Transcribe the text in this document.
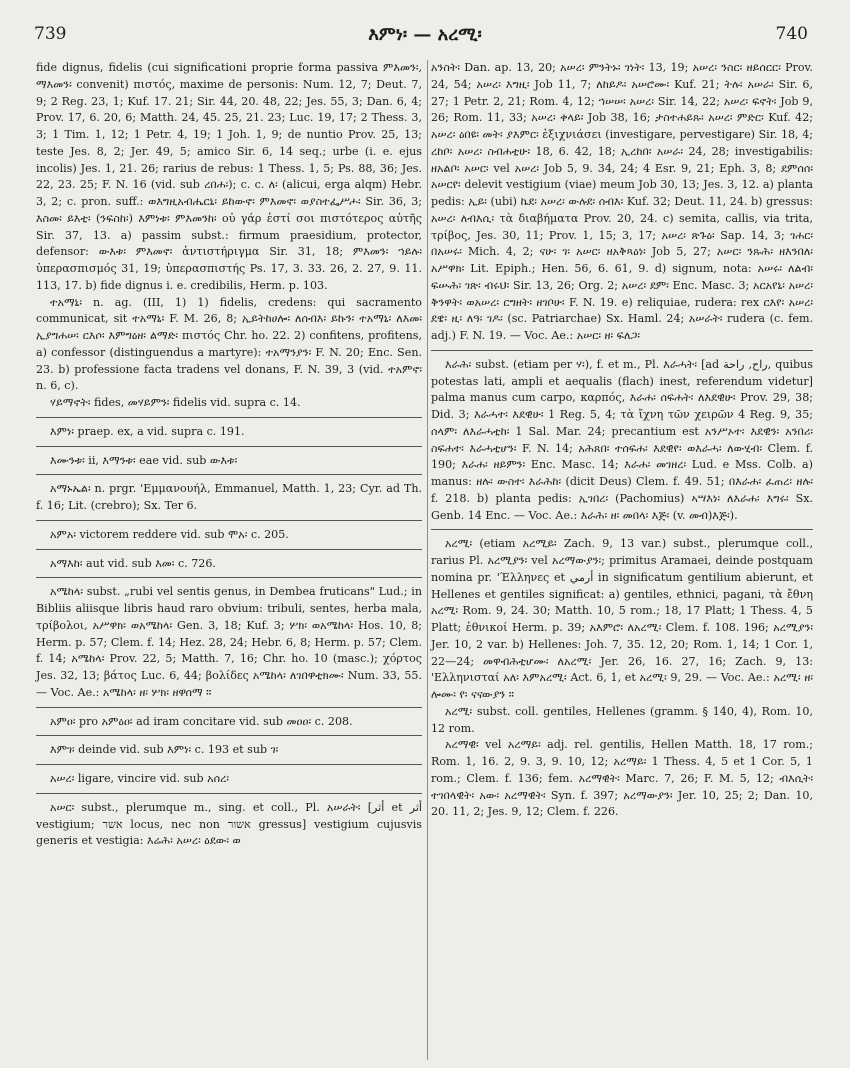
739	እምነ፡ — አረሚ፡	740

fide dignus, fidelis (cui significationi proprie forma passiva ምእመን፡, ማእመን፡ convenit) πιστός, maxime de personis: Num. 12, 7; Deut. 7, 9; 2 Reg. 23, 1; Kuf. 17. 21; Sir. 44, 20. 48, 22; Jes. 55, 3; Dan. 6, 4; Prov. 17, 6. 20, 6; Matth. 24, 45. 25, 21. 23; Luc. 19, 17; 2 Thess. 3, 3; 1 Tim. 1, 12; 1 Petr. 4, 19; 1 Joh. 1, 9; de nuntio Prov. 25, 13; teste Jes. 8, 2; Jer. 49, 5; amico Sir. 6, 14 seq.; urbe (i. e. ejus incolis) Jes. 1, 21. 26; rarius de rebus: 1 Thess. 1, 5; Ps. 88, 36; Jes. 22, 23. 25; F. N. 16 (vid. sub ረበሐ፡); c. c. ለ፡ (alicui, erga alqm) Hebr. 3, 2; c. pron. suff.: ወእግዚአብሔርኒ፡ ይከውኖ፡ ምእመኖ፡ ወያስተፌሥሖ፡ Sir. 36, 3; እስመ፡ ይእቲ፡ (ንፍስከ፡) እምነቱ፡ ምእመንከ፡ οὐ γάρ ἐστί σοι πιστότερος αὐτῆς Sir. 37, 13. a) passim subst.: firmum praesidium, protector, defensor: ውእቱ፡ ምእመኖ፡ ἀντιστήριγμα Sir. 31, 18; ምእመን፡ ኀይሉ፡ ὑπερασπισμός 31, 19; ὑπερασπιστής Ps. 17, 3. 33. 26, 2. 27, 9. 11. 113, 17. b) fide dignus i. e. credibilis, Herm. p. 103.

ተአማኒ፡ n. ag. (III, 1) 1) fidelis, credens: qui sacramento communicat, sit ተአማኒ፡ F. M. 26, 8; ኢይትከሀሎ፡ ለሰብእ፡ ይኩን፡ ተአማኒ፡ ለእመ፡ ኢያግሐሠ፡ ርእሶ፡ እምግዕዘ፡ ልማድ፡ πιστός Chr. ho. 22. 2) confitens, profitens, a) confessor (distinguendus a martyre): ተአማንያን፡ F. N. 20; Enc. Sen. 23. b) professione facta tradens vel donans, F. N. 39, 3 (vid. ተአምኖ፡ n. 6, c).

ሃይማኖት፡ fides, መሃይምን፡ fidelis vid. supra c. 14.

እምነ፡ praep. ex, a vid. supra c. 191.

እሙንቱ፡ ii, እማንቱ፡ eae vid. sub ውእቱ፡

አማኑኤል፡ n. prgr. 'Εμμανουήλ, Emmanuel, Matth. 1, 23; Cyr. ad Th. f. 16; Lit. (crebro); Sx. Ter 6.

አምአ፡ victorem reddere vid. sub ሞአ፡ c. 205.

አማእከ፡ aut vid. sub እመ፡ c. 726.

አሜከላ፡ subst. „rubi vel sentis genus, in Dembea fruticans" Lud.; in Bibliis aliisque libris haud raro obvium: tribuli, sentes, herba mala, τρίβολοι, አሥዋክ፡ ወአሜከላ፡ Gen. 3, 18; Kuf. 3; ሦክ፡ ወአሜከላ፡ Hos. 10, 8; Herm. p. 57; Clem. f. 14; Hez. 28, 24; Hebr. 6, 8; Herm. p. 57; Clem. f. 14; አሜከላ፡ Prov. 22, 5; Matth. 7, 16; Chr. ho. 10 (masc.); χόρτος Jes. 32, 13; βάτος Luc. 6, 44; βολίδες አሜከላ፡ ለገበዋቲክሙ፡ Num. 33, 55. — Voc. Ae.: አሜከላ፡ ዘ፡ ሦክ፡ ዘዋሰማ ።

አምዐ፡ pro አምዕዐ፡ ad iram concitare vid. sub መዐዐ፡ c. 208.

እምገ፡ deinde vid. sub እምነ፡ c. 193 et sub ገ፡

አሠረ፡ ligare, vincire vid. sub አሰረ፡

አሠር፡ subst., plerumque m., sing. et coll., Pl. አሠራት፡ [أثر et أثر vestigium; אשר locus, nec non אשור gressus] vestigium cujusvis generis et vestigia: እሬሕ፡ አሠረ፡ ዕደው፡ ወ

አንስት፡ Dan. ap. 13, 20; አሠረ፡ ምንትኑ፡ ገነት፡ 13, 19; አሠረ፡ ንስር፡ ዘይሰርር፡ Prov. 24, 54; አሠረ፡ እግዚ፡ Job 11, 7; ለከይዶ፡ አሠሮሙ፡ Kuf. 21; ትሉ፡ አሠራ፡ Sir. 6, 27; 1 Petr. 2, 21; Rom. 4, 12; ኀሠሠ፡ አሠረ፡ Sir. 14, 22; አሠረ፡ ፍኖት፡ Job 9, 26; Rom. 11, 33; አሠረ፡ ቀላይ፡ Job 38, 16; ታስተሐይጹ፡ አሠረ፡ ምድር፡ Kuf. 42; አሠረ፡ ዕበዩ፡ መት፡ ያእምር፡ ἐξιχνιάσει (investigare, pervestigare) Sir. 18, 4; ረከቦ፡ አሠረ፡ ስብሐቲሁ፡ 18, 6. 42, 18; ኢረከበ፡ አሠራ፡ 24, 28; investigabilis: ዘአልቦ፡ አሠር፡ vel አሠረ፡ Job 5, 9. 34, 24; 4 Esr. 9, 21; Eph. 3, 8; ደምሰሰ፡ አሠርየ፡ delevit vestigium (viae) meum Job 30, 13; Jes. 3, 12. a) planta pedis: ኢይ፡ (ubi) ኬደ፡ አሠረ፡ ውሉደ፡ ሰብእ፡ Kuf. 32; Deut. 11, 24. b) gressus: አሠረ፡ ለብእሲ፡ τὰ διαβήματα Prov. 20, 24. c) semita, callis, via trita, τρίβος, Jes. 30, 11; Prov. 1, 15; 3, 17; አሠረ፡ ጽጉዕ፡ Sap. 14, 3; ገሐር፡ በአሠሩ፡ Mich. 4, 2; ናሁ፡ ገ፡ አሠር፡ ዘአቅጻዕነ፡ Job 5, 27; አሠር፡ ንጹሕ፡ ዘእንበለ፡ አሥዋክ፡ Lit. Epiph.; Hen. 56, 6. 61, 9. d) signum, nota: አሠሩ፡ ለልብ፡ ፍሡሕ፡ ገጽ፡ ብሩህ፡ Sir. 13, 26; Org. 2; አሠረ፡ ደም፡ Enc. Masc. 3; አርአየኒ፡ አሠረ፡ ቅንዋት፡ ወአሠረ፡ ርግዘት፡ ዘገቦሁ፡ F. N. 19. e) reliquiae, rudera: rex ርእየ፡ አሠረ፡ ደዌ፡ ዚ፡ ለዓ፡ ገዶ፡ (sc. Patriarchae) Sx. Haml. 24; አሠራት፡ rudera (c. fem. adj.) F. N. 19. — Voc. Ae.: አሠር፡ ዘ፡ ፍለጋ፡

እራሕ፡ subst. (etiam per ሃ፡), f. et m., Pl. እራሓት፡ [ad راح, راحة, quibus potestas lati, ampli et aequalis (flach) inest, referendum videtur] palma manus cum carpo, καρπός, እራሐ፡ ሰፍሐት፡ ለእደዊሁ፡ Prov. 29, 38; Did. 3; እራሓተ፡ እደዊሁ፡ 1 Reg. 5, 4; τὰ ἴχνη τῶν χειρῶν 4 Reg. 9, 35; ሰላም፡ ለእራሓቲከ፡ 1 Sal. Mar. 24; precantium est አንሥኦተ፡ እደዊን፡ አንበሪ፡ ስፍሐተ፡ እራሓቲሆን፡ F. N. 14; አሕጸበ፡ ተሰፍሐ፡ እደዊየ፡ ወእራሓ፡ ለውሂብ፡ Clem. f. 190; እራሐ፡ ዘይምን፡ Enc. Masc. 14; እራሐ፡ መገዘረ፡ Lud. e Mss. Colb. a) manus: ዘሉ፡ ውስተ፡ እራሕከ፡ (dicit Deus) Clem. f. 49. 51; በእራሐ፡ ፈጠረ፡ ዘሉ፡ f. 218. b) planta pedis: ኢገበረ፡ (Pachomius) ኣሣእነ፡ ለእራሐ፡ እግሩ፡ Sx. Genb. 14 Enc. — Voc. Ae.: እራሕ፡ ዘ፡ መበላ፡ እጅ፡ (v. መብ)እጅ፡).

አረሚ፡ (etiam አረሚይ፡ Zach. 9, 13 var.) subst., plerumque coll., rarius Pl. አረሚያን፡ vel አረማውያን፡; primitus Aramaei, deinde postquam nomina pr. 'Έλληνες et أرمي in significatum gentilium abierunt, et Hellenes et gentiles significat: a) gentiles, ethnici, pagani, τὰ ἔθνη አረሚ፡ Rom. 9, 24. 30; Matth. 10, 5 rom.; 18, 17 Platt; 1 Thess. 4, 5 Platt; ἐθνικοί Herm. p. 39; አእምሮ፡ ለአረሚ፡ Clem. f. 108. 196; አረሚያን፡ Jer. 10, 2 var. b) Hellenes: Joh. 7, 35. 12, 20; Rom. 1, 14; 1 Cor. 1, 22—24; መዋብሕቲሆሙ፡ ለአረሚ፡ Jer. 26, 16. 27, 16; Zach. 9, 13: 'Ελληνισταί አለ፡ እምአረሚ፡ Act. 6, 1, et አረሚ፡ 9, 29. — Voc. Ae.: አረሚ፡ ዘ፡ ሎሙ፡ የ፡ ናናውያን ።

አረሚ፡ subst. coll. gentiles, Hellenes (gramm. § 140, 4), Rom. 10, 12 rom.

አረማዊ፡ vel አረማይ፡ adj. rel. gentilis, Hellen Matth. 18, 17 rom.; Rom. 1, 16. 2, 9. 3, 9. 10, 12; አረማይ፡ 1 Thess. 4, 5 et 1 Cor. 5, 1 rom.; Clem. f. 136; fem. አረማዊት፡ Marc. 7, 26; F. M. 5, 12; ብእሲት፡ ተገበላዊት፡ አው፡ አረማዊት፡ Syn. f. 397; አረማውያን፡ Jer. 10, 25; 2; Dan. 10, 20. 11, 2; Jes. 9, 12; Clem. f. 226.
